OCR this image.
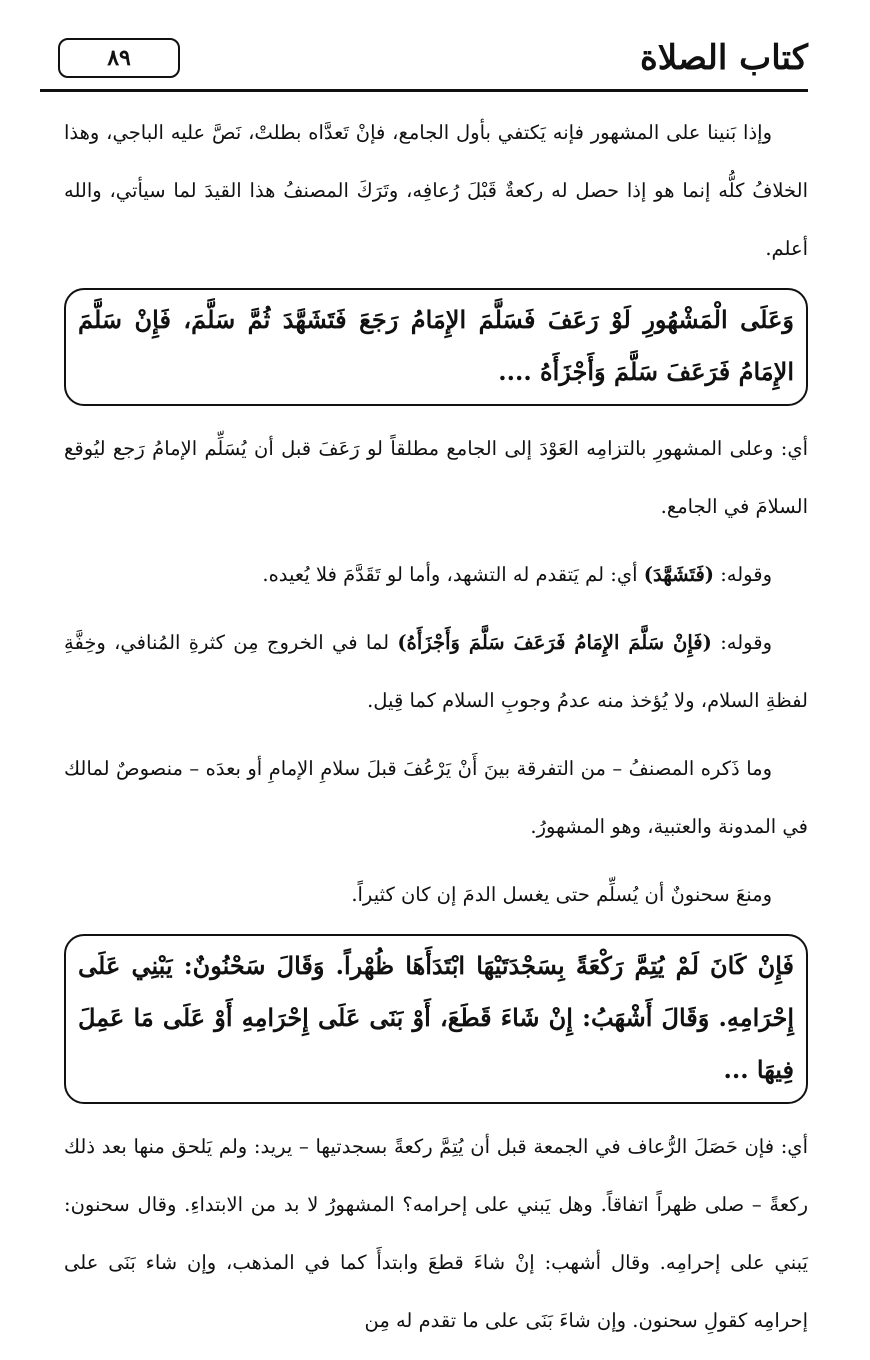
كتاب الصلاة
٨٩

وإذا بَنينا على المشهور فإنه يَكتفي بأول الجامع، فإنْ تَعدَّاه بطلتْ، نَصَّ عليه الباجي، وهذا الخلافُ كلُّه إنما هو إذا حصل له ركعةٌ قَبْلَ رُعافِه، وتَرَكَ المصنفُ هذا القيدَ لما سيأتي، والله أعلم.

وَعَلَى الْمَشْهُورِ لَوْ رَعَفَ فَسَلَّمَ الإِمَامُ رَجَعَ فَتَشَهَّدَ ثُمَّ سَلَّمَ، فَإِنْ سَلَّمَ الإِمَامُ فَرَعَفَ سَلَّمَ وَأَجْزَأَهُ ....

أي: وعلى المشهورِ بالتزامِه العَوْدَ إلى الجامع مطلقاً لو رَعَفَ قبل أن يُسَلِّم الإمامُ رَجع ليُوقع السلامَ في الجامع.

وقوله: (فَتَشَهَّدَ) أي: لم يَتقدم له التشهد، وأما لو تَقَدَّمَ فلا يُعيده.

وقوله: (فَإِنْ سَلَّمَ الإِمَامُ فَرَعَفَ سَلَّمَ وَأَجْزَأَهُ) لما في الخروج مِن كثرةِ المُنافي، وخِفَّةِ لفظةِ السلام، ولا يُؤخذ منه عدمُ وجوبِ السلام كما قِيل.

وما ذَكره المصنفُ – من التفرقة بينَ أَنْ يَرْعُفَ قبلَ سلامِ الإمامِ أو بعدَه – منصوصٌ لمالك في المدونة والعتبية، وهو المشهورُ.

ومنعَ سحنونٌ أن يُسلِّم حتى يغسل الدمَ إن كان كثيراً.

فَإِنْ كَانَ لَمْ يُتِمَّ رَكْعَةً بِسَجْدَتَيْهَا ابْتَدَأَهَا ظُهْراً. وَقَالَ سَحْنُونٌ: يَبْنِي عَلَى إِحْرَامِهِ. وَقَالَ أَشْهَبُ: إِنْ شَاءَ قَطَعَ، أَوْ بَنَى عَلَى إِحْرَامِهِ أَوْ عَلَى مَا عَمِلَ فِيهَا ...

أي: فإن حَصَلَ الرُّعاف في الجمعة قبل أن يُتِمَّ ركعةً بسجدتيها – يريد: ولم يَلحق منها بعد ذلك ركعةً – صلى ظهراً اتفاقاً. وهل يَبني على إحرامه؟ المشهورُ لا بد من الابتداءِ. وقال سحنون: يَبني على إحرامِه. وقال أشهب: إنْ شاءَ قطعَ وابتدأَ كما في المذهب، وإن شاء بَنَى على إحرامِه كقولِ سحنون. وإن شاءَ بَنَى على ما تقدم له مِن
